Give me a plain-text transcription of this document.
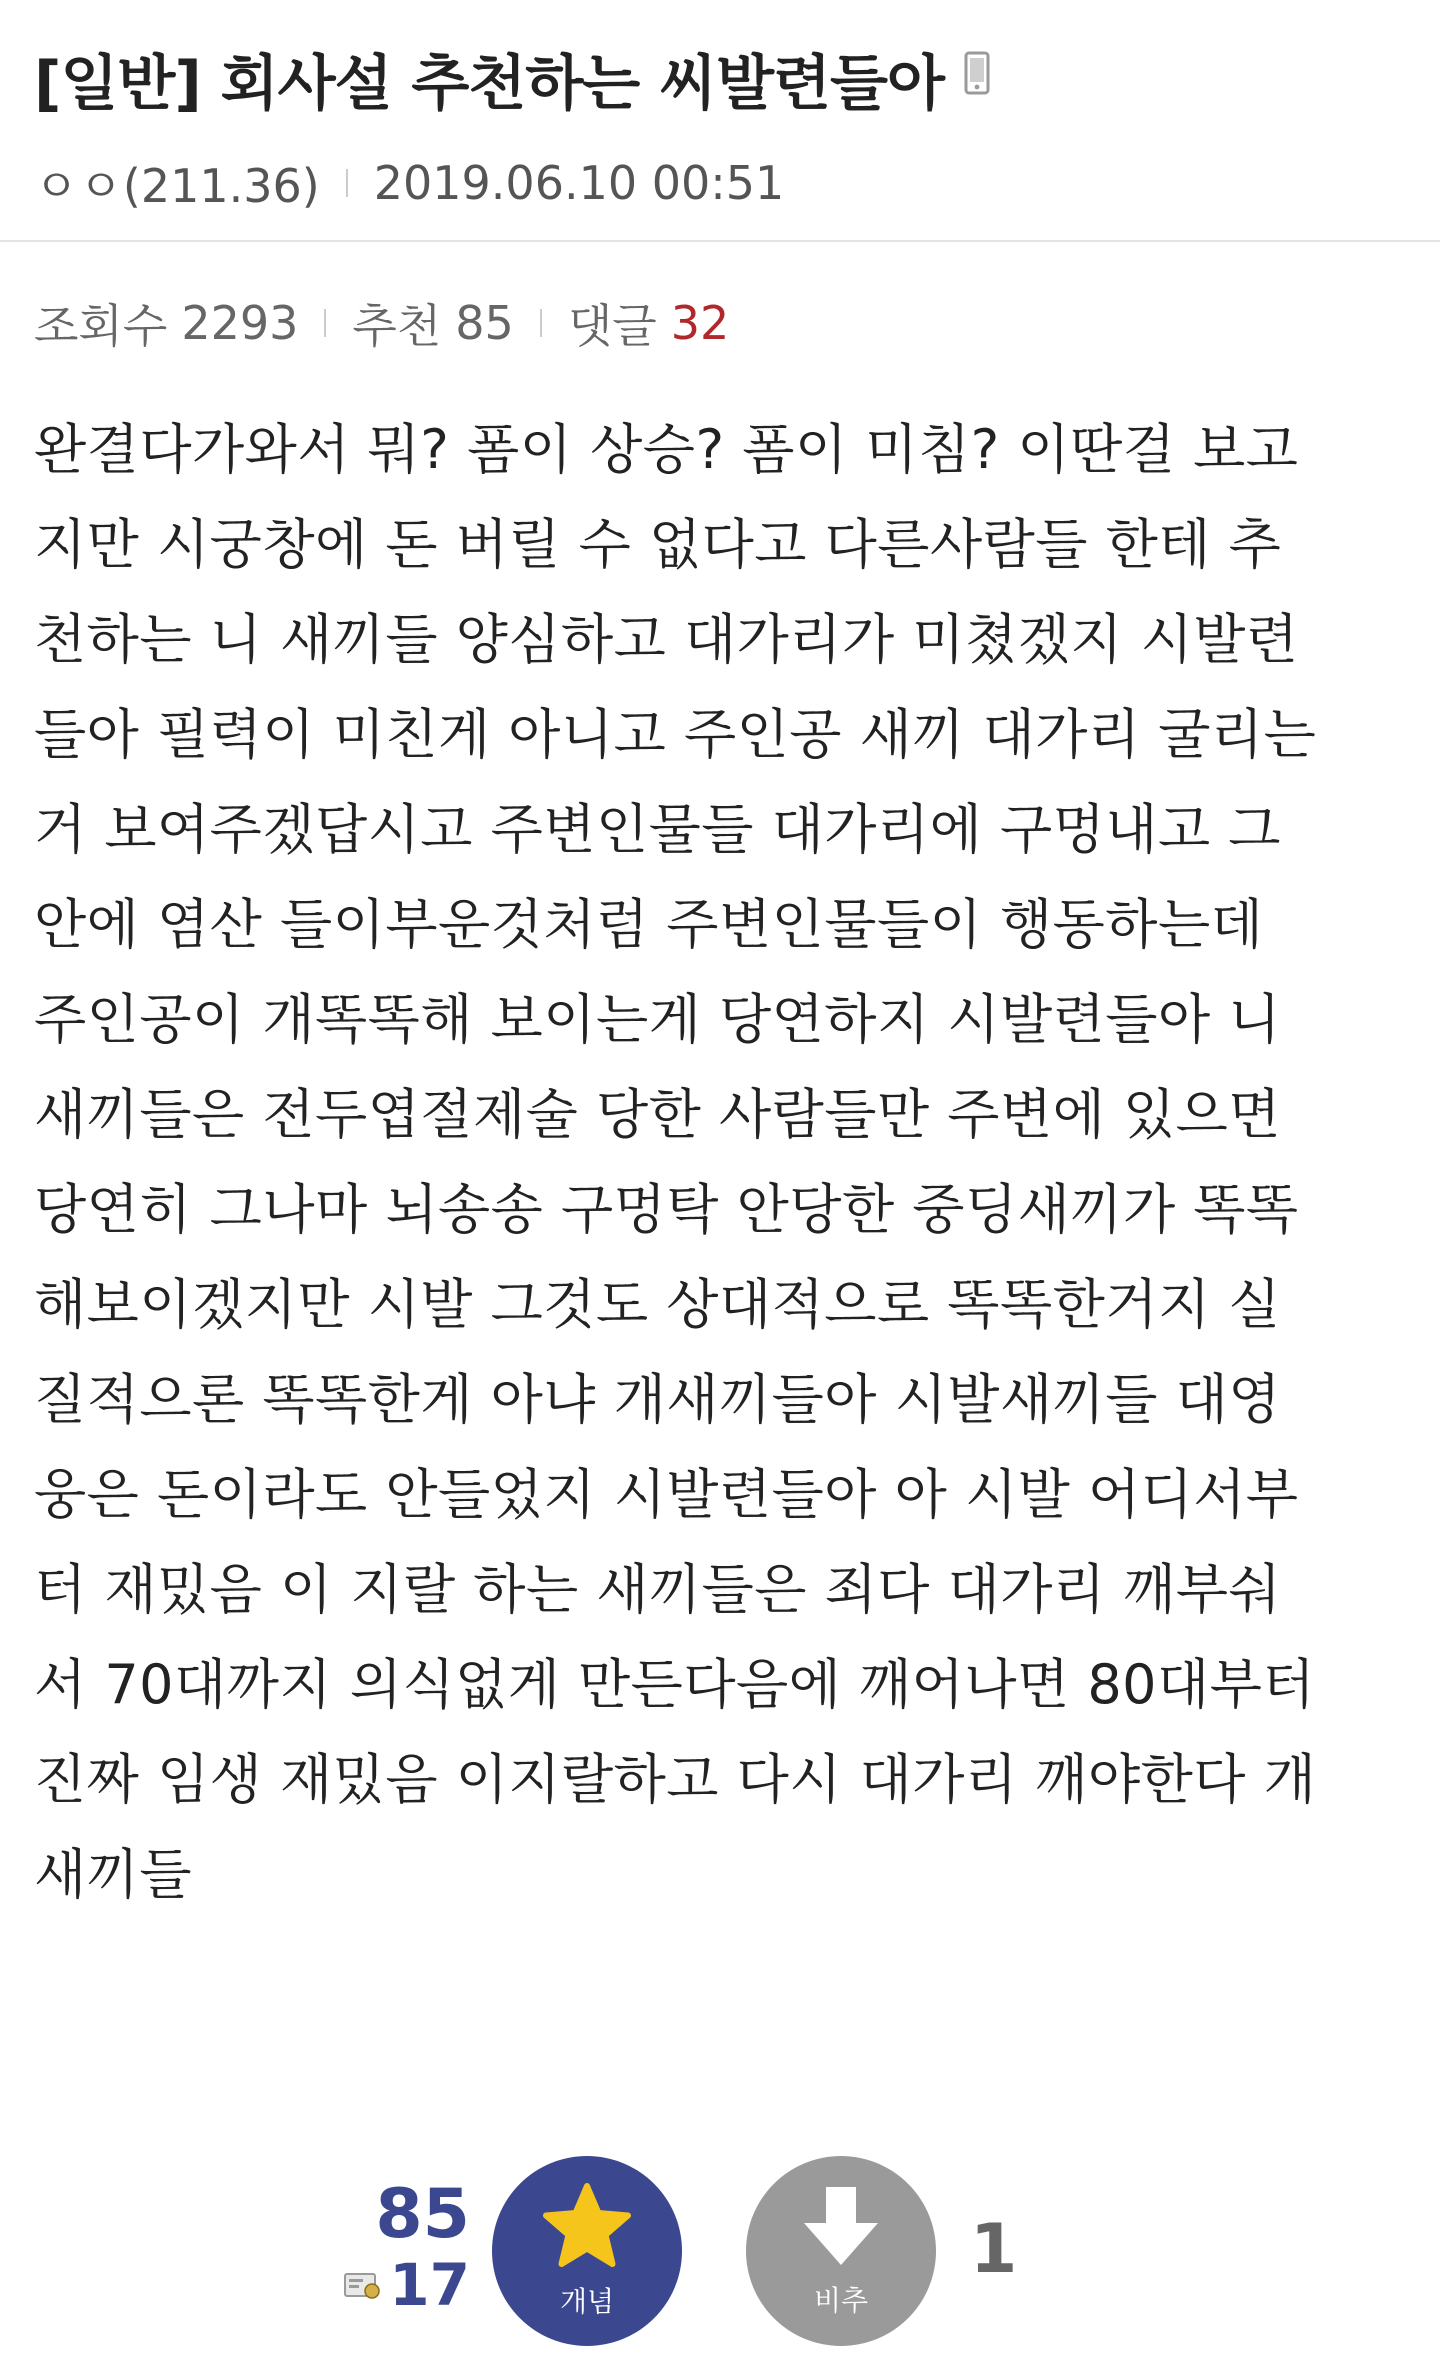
[일반] 회사설 추천하는 씨발련들아
ㅇㅇ(211.36) 2019.06.10 00:51
조회수 2293 추천 85 댓글 32
완결다가와서 뭐? 폼이 상승? 폼이 미침? 이딴걸 보고
지만 시궁창에 돈 버릴 수 없다고 다른사람들 한테 추
천하는 니 새끼들 양심하고 대가리가 미쳤겠지 시발련
들아 필력이 미친게 아니고 주인공 새끼 대가리 굴리는
거 보여주겠답시고 주변인물들 대가리에 구멍내고 그
안에 염산 들이부운것처럼 주변인물들이 행동하는데
주인공이 개똑똑해 보이는게 당연하지 시발련들아 니
새끼들은 전두엽절제술 당한 사람들만 주변에 있으면
당연히 그나마 뇌송송 구멍탁 안당한 중딩새끼가 똑똑
해보이겠지만 시발 그것도 상대적으로 똑똑한거지 실
질적으론 똑똑한게 아냐 개새끼들아 시발새끼들 대영
웅은 돈이라도 안들었지 시발련들아 아 시발 어디서부
터 재밌음 이 지랄 하는 새끼들은 죄다 대가리 깨부숴
서 70대까지 의식없게 만든다음에 깨어나면 80대부터
진짜 임생 재밌음 이지랄하고 다시 대가리 깨야한다 개
새끼들
85
17	개념	비추
1
